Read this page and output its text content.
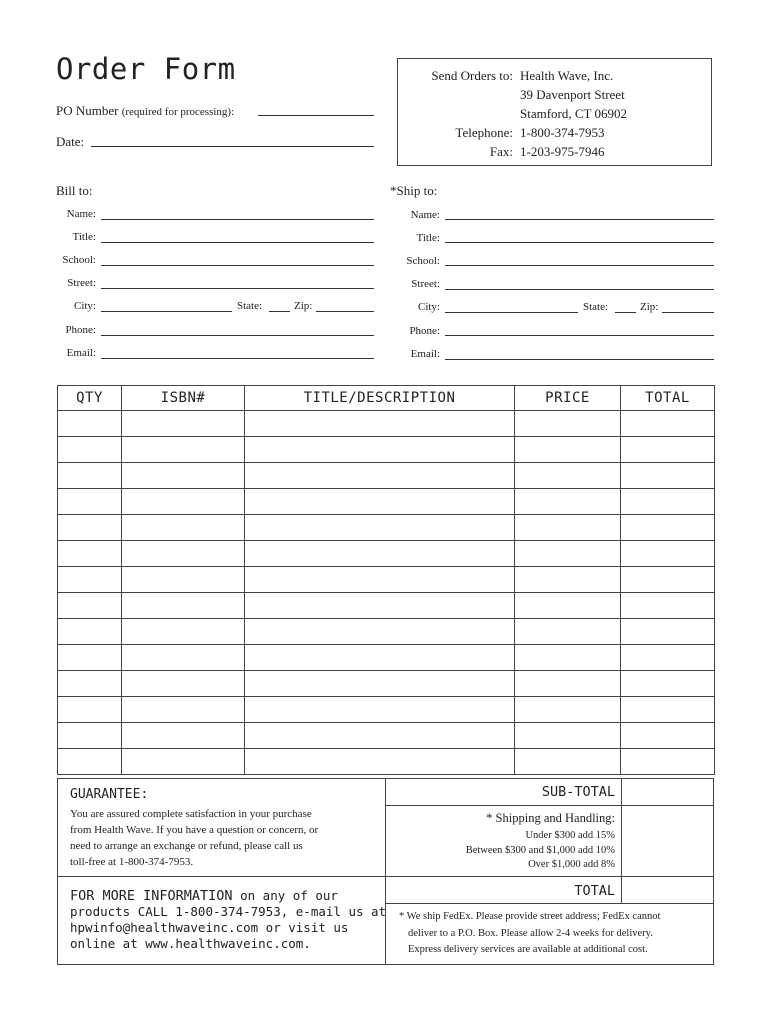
Order Form
PO Number (required for processing):
Date:
Send Orders to: Health Wave, Inc.
39 Davenport Street
Stamford, CT 06902
Telephone: 1-800-374-7953
Fax: 1-203-975-7946
Bill to:
Name:
Title:
School:
Street:
City:	State:	Zip:
Phone:
Email:
*Ship to:
Name:
Title:
School:
Street:
City:	State:	Zip:
Phone:
Email:
QTY	ISBN#	TITLE/DESCRIPTION	PRICE	TOTAL

GUARANTEE:
You are assured complete satisfaction in your purchase
from Health Wave. If you have a question or concern, or
need to arrange an exchange or refund, please call us
toll-free at 1-800-374-7953.
FOR MORE INFORMATION on any of our
products CALL 1-800-374-7953, e-mail us at
hpwinfo@healthwaveinc.com or visit us
online at www.healthwaveinc.com.
SUB-TOTAL
* Shipping and Handling:
Under $300 add 15%
Between $300 and $1,000 add 10%
Over $1,000 add 8%
TOTAL
* We ship FedEx. Please provide street address; FedEx cannot
deliver to a P.O. Box. Please allow 2-4 weeks for delivery.
Express delivery services are available at additional cost.
